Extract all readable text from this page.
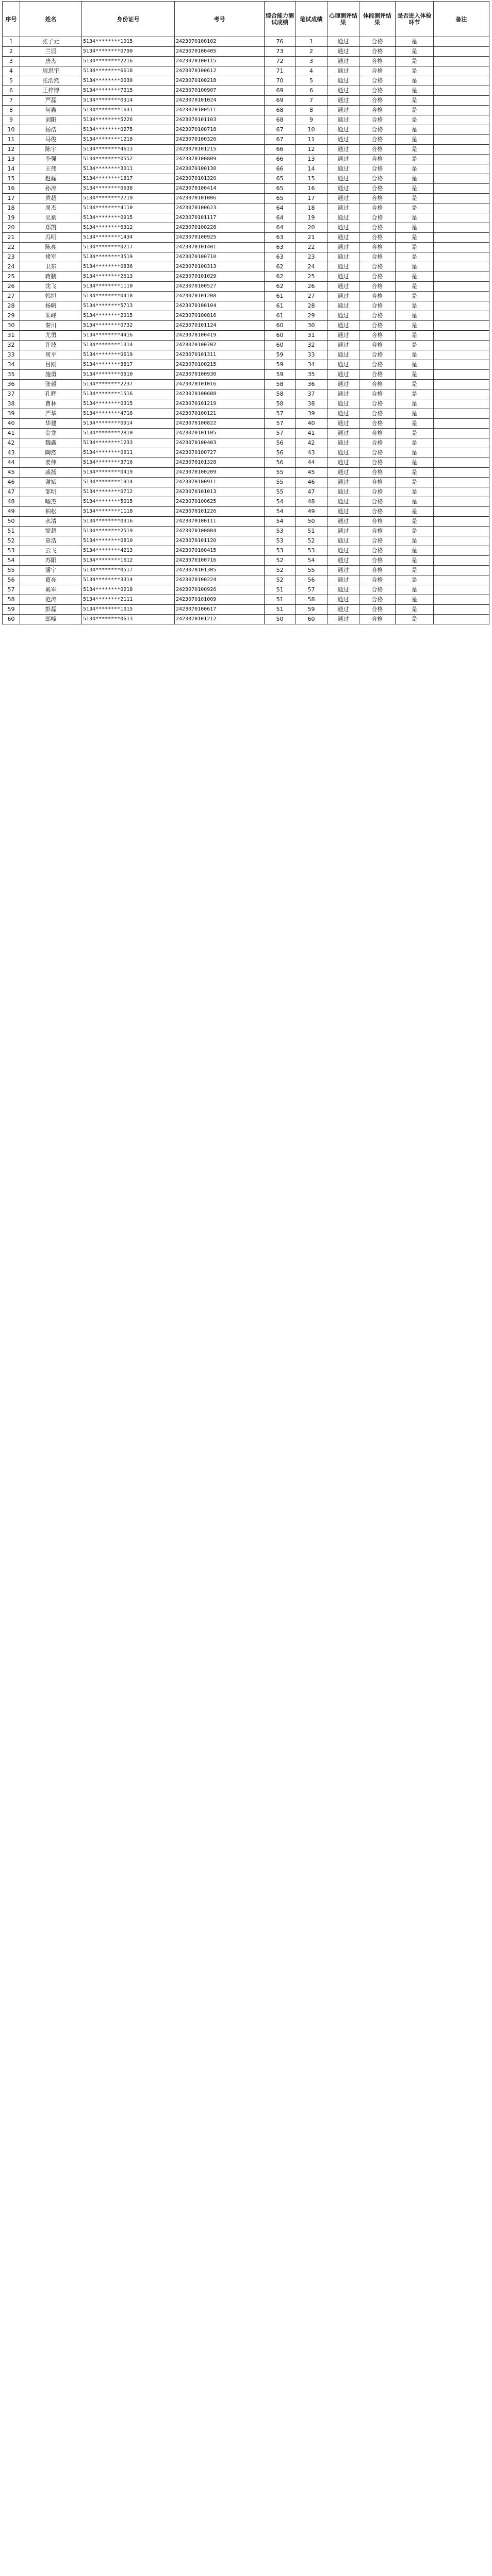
序号	姓名	身份证号	考号	综合能力测试成绩	笔试成绩	心理测评结果	体能测评结果	是否进入体检环节	备注
1	张子元	5134********1015	2423070100102	76	1	通过	合格	是	
2	兰辰	5134********0790	2423070100405	73	2	通过	合格	是	
3	唐杰	5134********2216	2423070100115	72	3	通过	合格	是	
4	周思宇	5134********6618	2423070100612	71	4	通过	合格	是	
5	张浩然	5134********0030	2423070100218	70	5	通过	合格	是	
6	王梓博	5134********7215	2423070100907	69	6	通过	合格	是	
7	严磊	5134********0314	2423070101024	69	7	通过	合格	是	
8	何鑫	5134********1631	2423070100511	68	8	通过	合格	是	
9	刘阳	5134********5226	2423070101103	68	9	通过	合格	是	
10	杨浩	5134********0275	2423070100718	67	10	通过	合格	是	
11	马俊	5134********1218	2423070100326	67	11	通过	合格	是	
12	陈宇	5134********4613	2423070101215	66	12	通过	合格	是	
13	李强	5134********0552	2423070100809	66	13	通过	合格	是	
14	王伟	5134********3011	2423070100130	66	14	通过	合格	是	
15	赵磊	5134********1817	2423070101320	65	15	通过	合格	是	
16	孙涛	5134********0638	2423070100414	65	16	通过	合格	是	
17	黄超	5134********2719	2423070101006	65	17	通过	合格	是	
18	周杰	5134********4110	2423070100623	64	18	通过	合格	是	
19	吴斌	5134********0915	2423070101117	64	19	通过	合格	是	
20	郑凯	5134********6312	2423070100228	64	20	通过	合格	是	
21	冯明	5134********1434	2423070100925	63	21	通过	合格	是	
22	陈亮	5134********0217	2423070101401	63	22	通过	合格	是	
23	褚军	5134********3519	2423070100710	63	23	通过	合格	是	
24	卫东	5134********0836	2423070100313	62	24	通过	合格	是	
25	蒋鹏	5134********2613	2423070101029	62	25	通过	合格	是	
26	沈飞	5134********1110	2423070100527	62	26	通过	合格	是	
27	韩旭	5134********0418	2423070101208	61	27	通过	合格	是	
28	杨帆	5134********5713	2423070100104	61	28	通过	合格	是	
29	朱峰	5134********2015	2423070100816	61	29	通过	合格	是	
30	秦川	5134********0732	2423070101124	60	30	通过	合格	是	
31	尤勇	5134********4416	2423070100419	60	31	通过	合格	是	
32	许波	5134********1314	2423070100702	60	32	通过	合格	是	
33	何平	5134********0619	2423070101311	59	33	通过	合格	是	
34	吕刚	5134********3817	2423070100215	59	34	通过	合格	是	
35	施勇	5134********0510	2423070100930	59	35	通过	合格	是	
36	张毅	5134********2237	2423070101016	58	36	通过	合格	是	
37	孔辉	5134********1516	2423070100608	58	37	通过	合格	是	
38	曹林	5134********0315	2423070101219	58	38	通过	合格	是	
39	严华	5134********4718	2423070100121	57	39	通过	合格	是	
40	华建	5134********0914	2423070100822	57	40	通过	合格	是	
41	金龙	5134********2810	2423070101105	57	41	通过	合格	是	
42	魏鑫	5134********1233	2423070100403	56	42	通过	合格	是	
43	陶然	5134********0611	2423070100727	56	43	通过	合格	是	
44	姜伟	5134********3716	2423070101328	56	44	通过	合格	是	
45	戚扬	5134********0419	2423070100209	55	45	通过	合格	是	
46	谢斌	5134********1914	2423070100911	55	46	通过	合格	是	
47	邹明	5134********0712	2423070101013	55	47	通过	合格	是	
48	喻杰	5134********5015	2423070100625	54	48	通过	合格	是	
49	柏松	5134********1118	2423070101226	54	49	通过	合格	是	
50	水清	5134********0316	2423070100111	54	50	通过	合格	是	
51	窦超	5134********2519	2423070100804	53	51	通过	合格	是	
52	章浩	5134********0810	2423070101120	53	52	通过	合格	是	
53	云飞	5134********4213	2423070100415	53	53	通过	合格	是	
54	苏阳	5134********1612	2423070100716	52	54	通过	合格	是	
55	潘宇	5134********0517	2423070101305	52	55	通过	合格	是	
56	葛亮	5134********3314	2423070100224	52	56	通过	合格	是	
57	奚军	5134********0218	2423070100926	51	57	通过	合格	是	
58	范涛	5134********2111	2423070101009	51	58	通过	合格	是	
59	彭磊	5134********1015	2423070100617	51	59	通过	合格	是	
60	郎峰	5134********0613	2423070101212	50	60	通过	合格	是	
